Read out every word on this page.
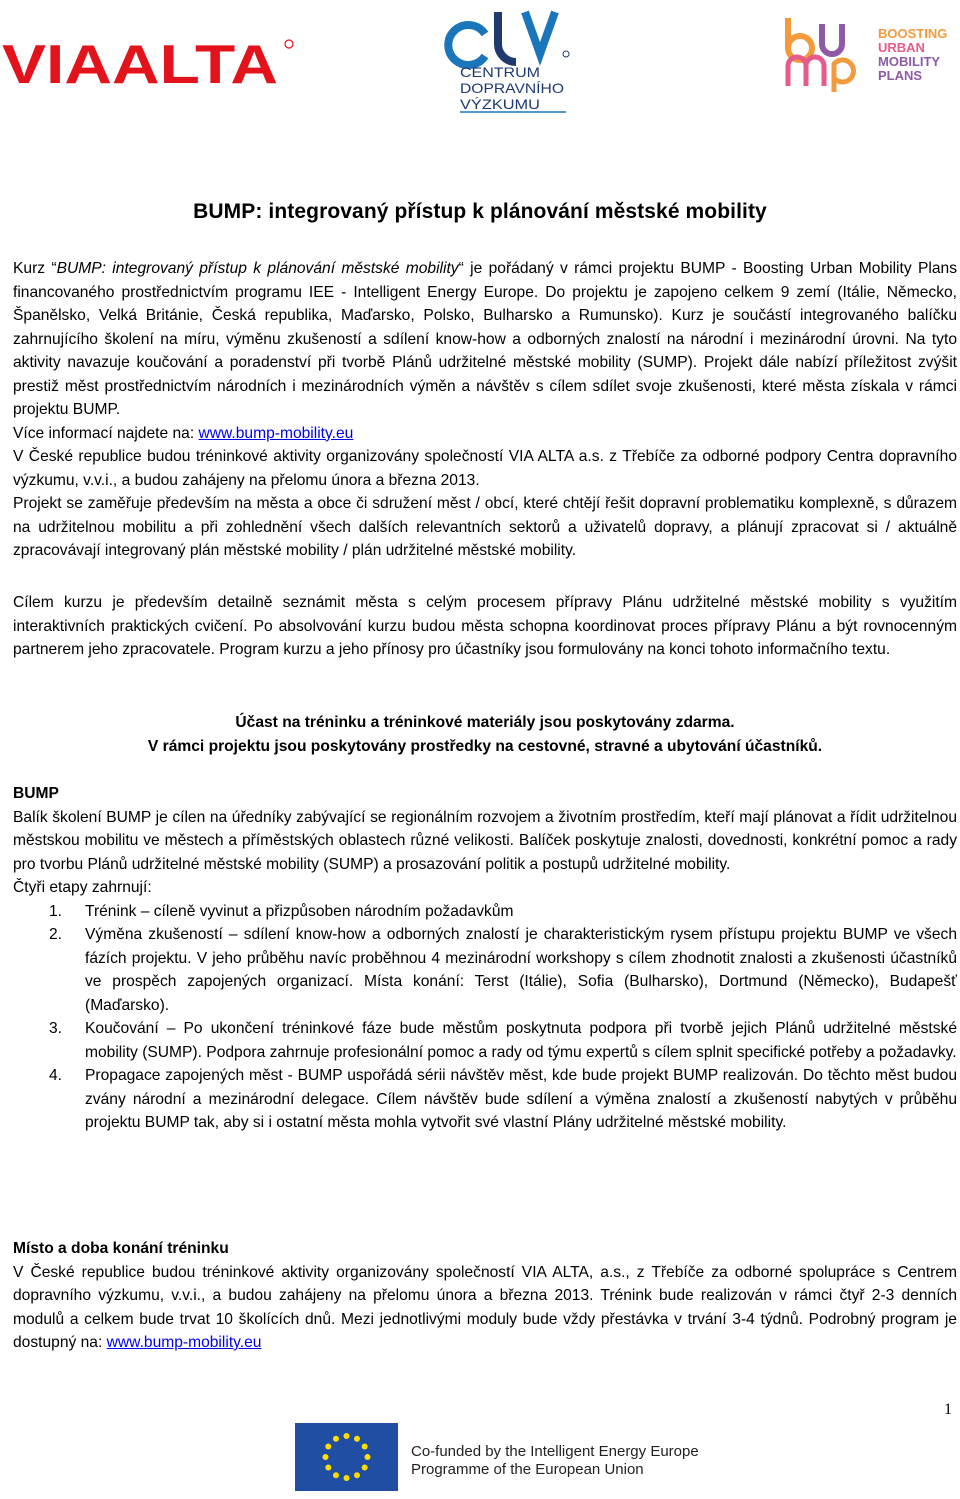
VIAALTA	CENTRUM
DOPRAVNÍHO
VÝZKUMU
BOOSTING
URBAN
MOBILITY
PLANS
BUMP: integrovaný přístup k plánování městské mobility

Kurz “BUMP: integrovaný přístup k plánování městské mobility“ je pořádaný v rámci projektu BUMP - Boosting Urban Mobility Plans financovaného prostřednictvím programu IEE - Intelligent Energy Europe. Do projektu je zapojeno celkem 9 zemí (Itálie, Německo, Španělsko, Velká Británie, Česká republika, Maďarsko, Polsko, Bulharsko a Rumunsko). Kurz je součástí integrovaného balíčku zahrnujícího školení na míru, výměnu zkušeností a sdílení know-how a odborných znalostí na národní i mezinárodní úrovni. Na tyto aktivity navazuje koučování a poradenství při tvorbě Plánů udržitelné městské mobility (SUMP). Projekt dále nabízí příležitost zvýšit prestiž měst prostřednictvím národních i mezinárodních výměn a návštěv s cílem sdílet svoje zkušenosti, které města získala v rámci projektu BUMP.

Více informací najdete na: www.bump-mobility.eu

V České republice budou tréninkové aktivity organizovány společností VIA ALTA a.s. z Třebíče za odborné podpory Centra dopravního výzkumu, v.v.i., a budou zahájeny na přelomu února a března 2013.

Projekt se zaměřuje především na města a obce či sdružení měst / obcí, které chtějí řešit dopravní problematiku komplexně, s důrazem na udržitelnou mobilitu a při zohlednění všech dalších relevantních sektorů a uživatelů dopravy, a plánují zpracovat si / aktuálně zpracovávají integrovaný plán městské mobility / plán udržitelné městské mobility.

Cílem kurzu je především detailně seznámit města s celým procesem přípravy Plánu udržitelné městské mobility s využitím interaktivních praktických cvičení. Po absolvování kurzu budou města schopna koordinovat proces přípravy Plánu a být rovnocenným partnerem jeho zpracovatele. Program kurzu a jeho přínosy pro účastníky jsou formulovány na konci tohoto informačního textu.
Účast na tréninku a tréninkové materiály jsou poskytovány zdarma.
V rámci projektu jsou poskytovány prostředky na cestovné, stravné a ubytování účastníků.
BUMP
Balík školení BUMP je cílen na úředníky zabývající se regionálním rozvojem a životním prostředím, kteří mají plánovat a řídit udržitelnou městskou mobilitu ve městech a příměstských oblastech různé velikosti. Balíček poskytuje znalosti, dovednosti, konkrétní pomoc a rady pro tvorbu Plánů udržitelné městské mobility (SUMP) a prosazování politik a postupů udržitelné mobility.
Čtyři etapy zahrnují:
1. Trénink – cíleně vyvinut a přizpůsoben národním požadavkům
2. Výměna zkušeností – sdílení know-how a odborných znalostí je charakteristickým rysem přístupu projektu BUMP ve všech fázích projektu. V jeho průběhu navíc proběhnou 4 mezinárodní workshopy s cílem zhodnotit znalosti a zkušenosti účastníků ve prospěch zapojených organizací. Místa konání: Terst (Itálie), Sofia (Bulharsko), Dortmund (Německo), Budapešť (Maďarsko).
3. Koučování – Po ukončení tréninkové fáze bude městům poskytnuta podpora při tvorbě jejich Plánů udržitelné městské mobility (SUMP). Podpora zahrnuje profesionální pomoc a rady od týmu expertů s cílem splnit specifické potřeby a požadavky.
4. Propagace zapojených měst - BUMP uspořádá sérii návštěv měst, kde bude projekt BUMP realizován. Do těchto měst budou zvány národní a mezinárodní delegace. Cílem návštěv bude sdílení a výměna znalostí a zkušeností nabytých v průběhu projektu BUMP tak, aby si i ostatní města mohla vytvořit své vlastní Plány udržitelné městské mobility.
Místo a doba konání tréninku
V České republice budou tréninkové aktivity organizovány společností VIA ALTA, a.s., z Třebíče za odborné spolupráce s Centrem dopravního výzkumu, v.v.i., a budou zahájeny na přelomu února a března 2013. Trénink bude realizován v rámci čtyř 2-3 denních modulů a celkem bude trvat 10 školících dnů. Mezi jednotlivými moduly bude vždy přestávka v trvání 3-4 týdnů. Podrobný program je dostupný na: www.bump-mobility.eu
1
Co-funded by the Intelligent Energy Europe
Programme of the European Union
